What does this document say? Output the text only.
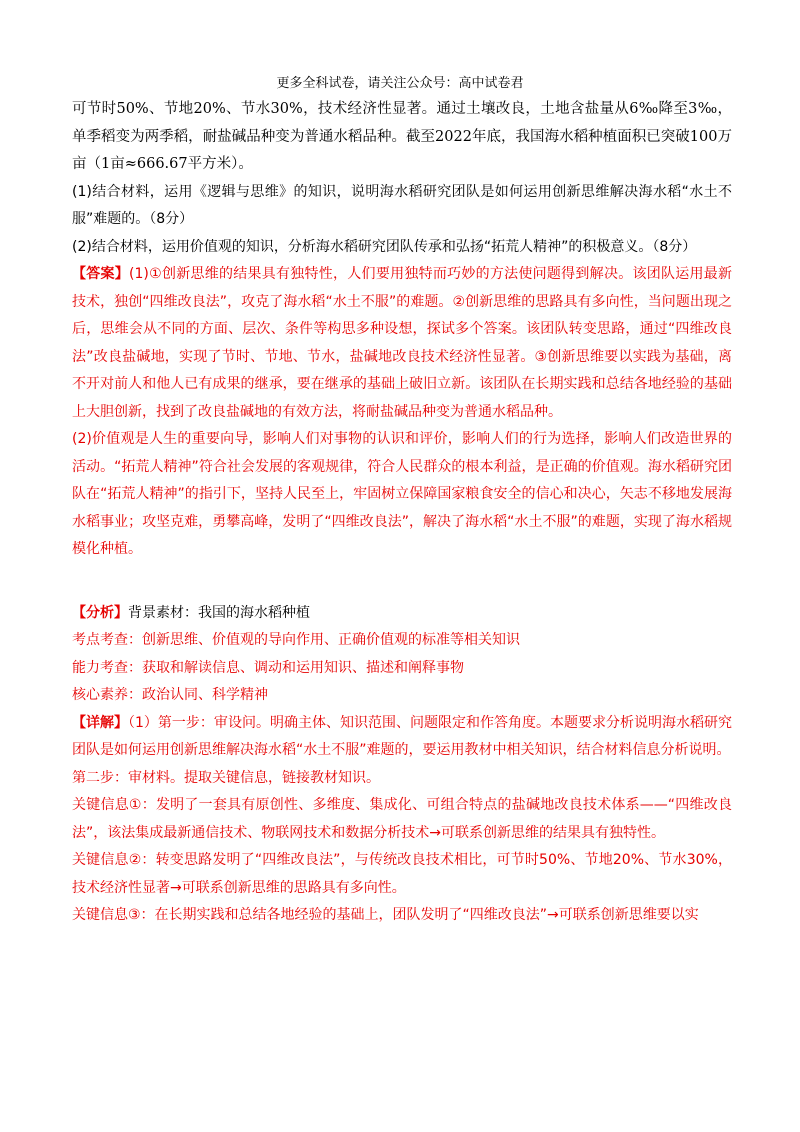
更多全科试卷，请关注公众号：高中试卷君

可节时50%、节地20%、节水30%，技术经济性显著。通过土壤改良，土地含盐量从6‰降至3‰，单季稻变为两季稻，耐盐碱品种变为普通水稻品种。截至2022年底，我国海水稻种植面积已突破100万亩（1亩≈666.67平方米）。

(1)结合材料，运用《逻辑与思维》的知识，说明海水稻研究团队是如何运用创新思维解决海水稻“水土不服”难题的。（8分）

(2)结合材料，运用价值观的知识，分析海水稻研究团队传承和弘扬“拓荒人精神”的积极意义。（8分）

【答案】(1)①创新思维的结果具有独特性，人们要用独特而巧妙的方法使问题得到解决。该团队运用最新技术，独创“四维改良法”，攻克了海水稻“水土不服”的难题。②创新思维的思路具有多向性，当问题出现之后，思维会从不同的方面、层次、条件等构思多种设想，探试多个答案。该团队转变思路，通过“四维改良法”改良盐碱地，实现了节时、节地、节水，盐碱地改良技术经济性显著。③创新思维要以实践为基础，离不开对前人和他人已有成果的继承，要在继承的基础上破旧立新。该团队在长期实践和总结各地经验的基础上大胆创新，找到了改良盐碱地的有效方法，将耐盐碱品种变为普通水稻品种。

(2)价值观是人生的重要向导，影响人们对事物的认识和评价，影响人们的行为选择，影响人们改造世界的活动。“拓荒人精神”符合社会发展的客观规律，符合人民群众的根本利益，是正确的价值观。海水稻研究团队在“拓荒人精神”的指引下，坚持人民至上，牢固树立保障国家粮食安全的信心和决心，矢志不移地发展海水稻事业；攻坚克难，勇攀高峰，发明了“四维改良法”，解决了海水稻“水土不服”的难题，实现了海水稻规模化种植。

【分析】背景素材：我国的海水稻种植

考点考查：创新思维、价值观的导向作用、正确价值观的标准等相关知识

能力考查：获取和解读信息、调动和运用知识、描述和阐释事物

核心素养：政治认同、科学精神

【详解】（1）第一步：审设问。明确主体、知识范围、问题限定和作答角度。本题要求分析说明海水稻研究团队是如何运用创新思维解决海水稻“水土不服”难题的，要运用教材中相关知识，结合材料信息分析说明。

第二步：审材料。提取关键信息，链接教材知识。

关键信息①：发明了一套具有原创性、多维度、集成化、可组合特点的盐碱地改良技术体系——“四维改良法”，该法集成最新通信技术、物联网技术和数据分析技术→可联系创新思维的结果具有独特性。

关键信息②：转变思路发明了“四维改良法”，与传统改良技术相比，可节时50%、节地20%、节水30%，技术经济性显著→可联系创新思维的思路具有多向性。

关键信息③：在长期实践和总结各地经验的基础上，团队发明了“四维改良法”→可联系创新思维要以实
